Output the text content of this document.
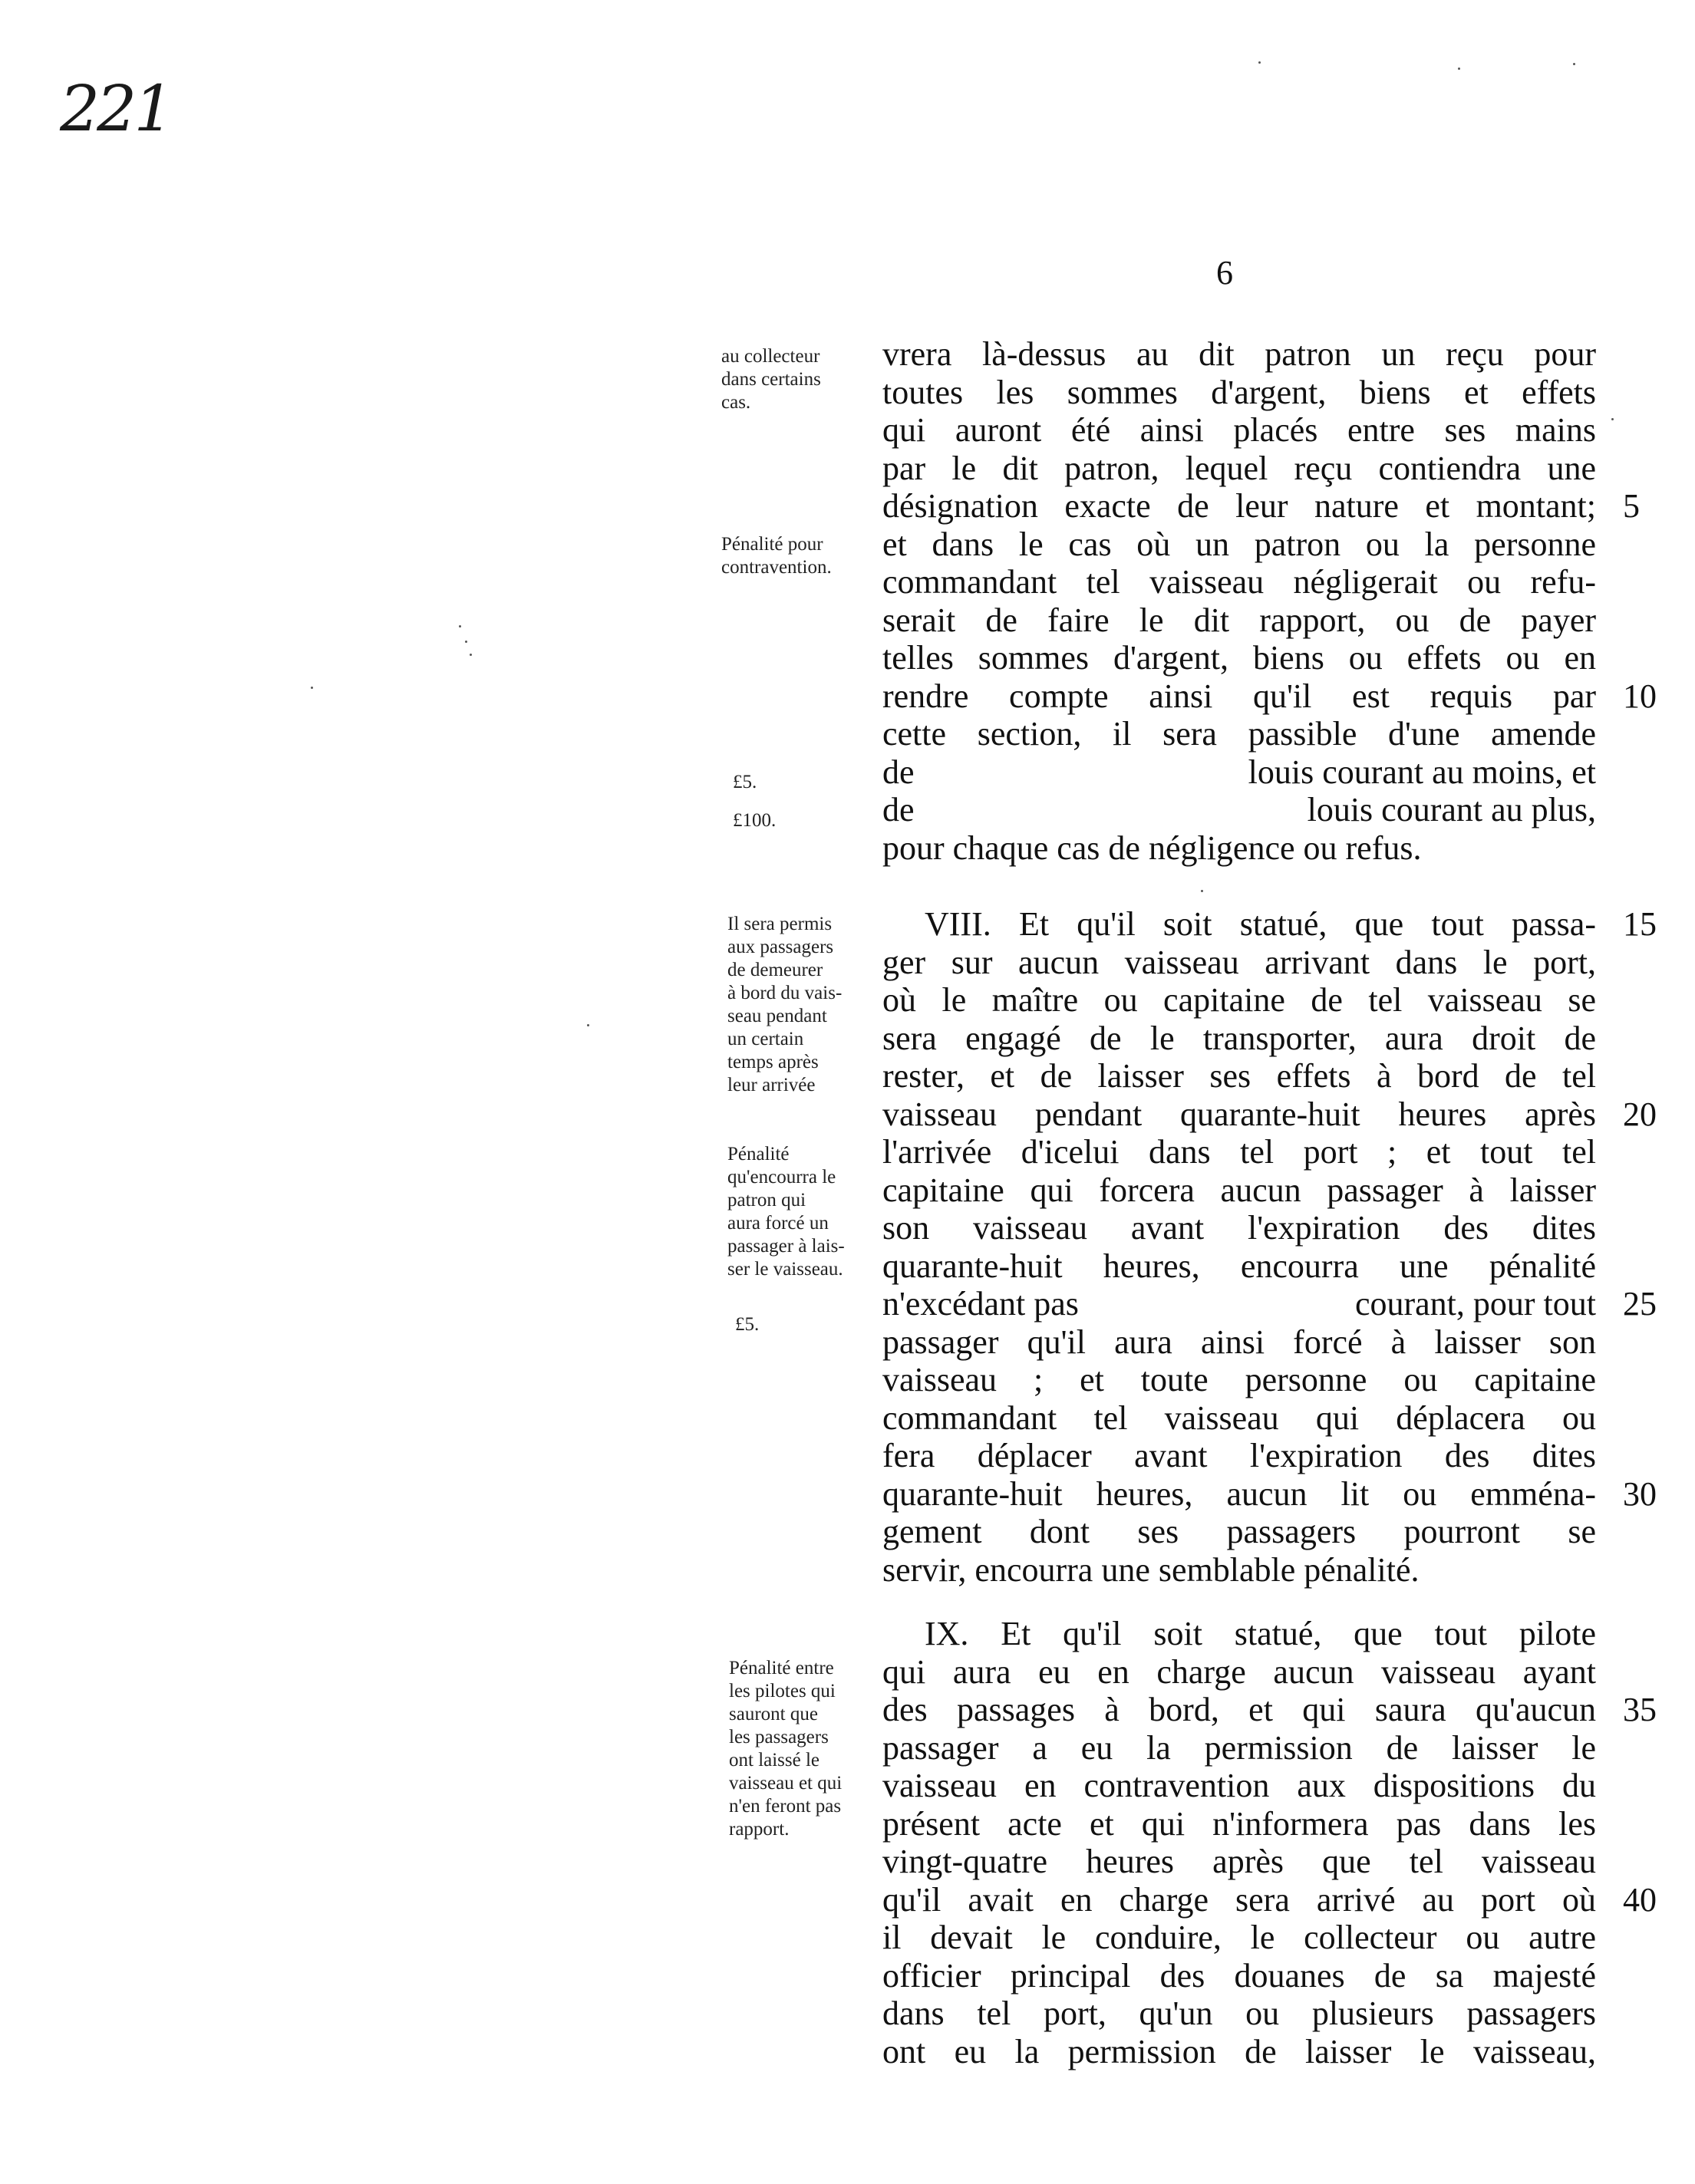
221
6
au collecteur
dans certains
cas.
Pénalité pour
contravention.
£5.
£100.
Il sera permis
aux passagers
de demeurer
à bord du vais-
seau pendant
un certain
temps après
leur arrivée
Pénalité
qu'encourra le
patron qui
aura forcé un
passager à lais-
ser le vaisseau.
£5.
Pénalité entre
les pilotes qui
sauront que
les passagers
ont laissé le
vaisseau et qui
n'en feront pas
rapport.
vrera là-dessus au dit patron un reçu pour
toutes les sommes d'argent, biens et effets
qui auront été ainsi placés entre ses mains
par le dit patron, lequel reçu contiendra une
désignation exacte de leur nature et montant; 5
et dans le cas où un patron ou la personne
commandant tel vaisseau négligerait ou refu-
serait de faire le dit rapport, ou de payer
telles sommes d'argent, biens ou effets ou en
rendre compte ainsi qu'il est requis par 10
cette section, il sera passible d'une amende
de	louis courant au moins, et
de	louis courant au plus,
pour chaque cas de négligence ou refus.
VIII. Et qu'il soit statué, que tout passa- 15
ger sur aucun vaisseau arrivant dans le port,
où le maître ou capitaine de tel vaisseau se
sera engagé de le transporter, aura droit de
rester, et de laisser ses effets à bord de tel
vaisseau pendant quarante-huit heures après 20
l'arrivée d'icelui dans tel port ; et tout tel
capitaine qui forcera aucun passager à laisser
son vaisseau avant l'expiration des dites
quarante-huit heures, encourra une pénalité
n'excédant pas	courant, pour tout 25
passager qu'il aura ainsi forcé à laisser son
vaisseau ; et toute personne ou capitaine
commandant tel vaisseau qui déplacera ou
fera déplacer avant l'expiration des dites
quarante-huit heures, aucun lit ou emména- 30
gement dont ses passagers pourront se
servir, encourra une semblable pénalité.
IX. Et qu'il soit statué, que tout pilote
qui aura eu en charge aucun vaisseau ayant
des passages à bord, et qui saura qu'aucun 35
passager a eu la permission de laisser le
vaisseau en contravention aux dispositions du
présent acte et qui n'informera pas dans les
vingt-quatre heures après que tel vaisseau
qu'il avait en charge sera arrivé au port où 40
il devait le conduire, le collecteur ou autre
officier principal des douanes de sa majesté
dans tel port, qu'un ou plusieurs passagers
ont eu la permission de laisser le vaisseau,
